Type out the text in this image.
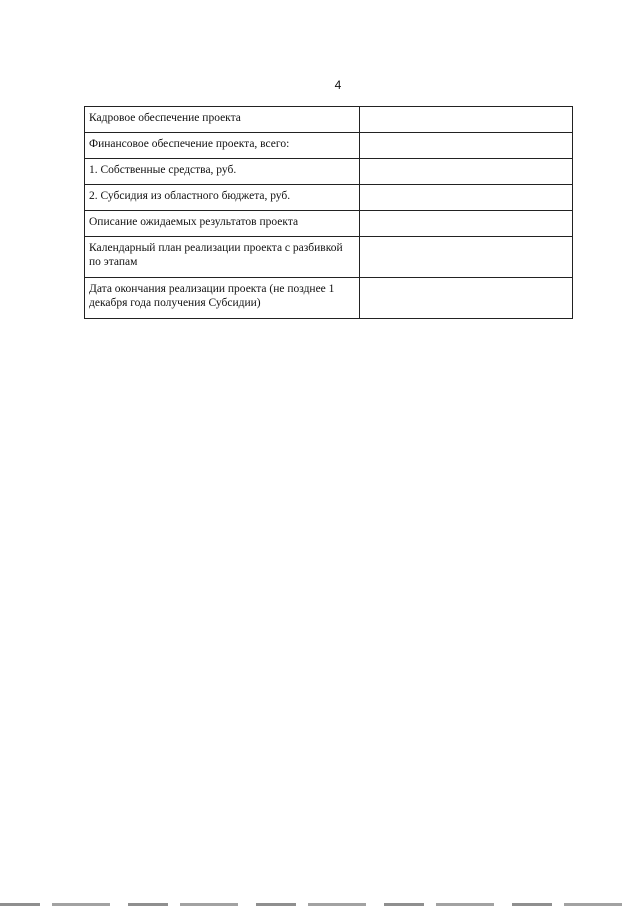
4
Кадровое обеспечение проекта	
Финансовое обеспечение проекта, всего:	
1. Собственные средства, руб.	
2. Субсидия из областного бюджета, руб.	
Описание ожидаемых результатов проекта	
Календарный план реализации проекта с разбивкой по этапам	
Дата окончания реализации проекта (не позднее 1 декабря года получения Субсидии)	
